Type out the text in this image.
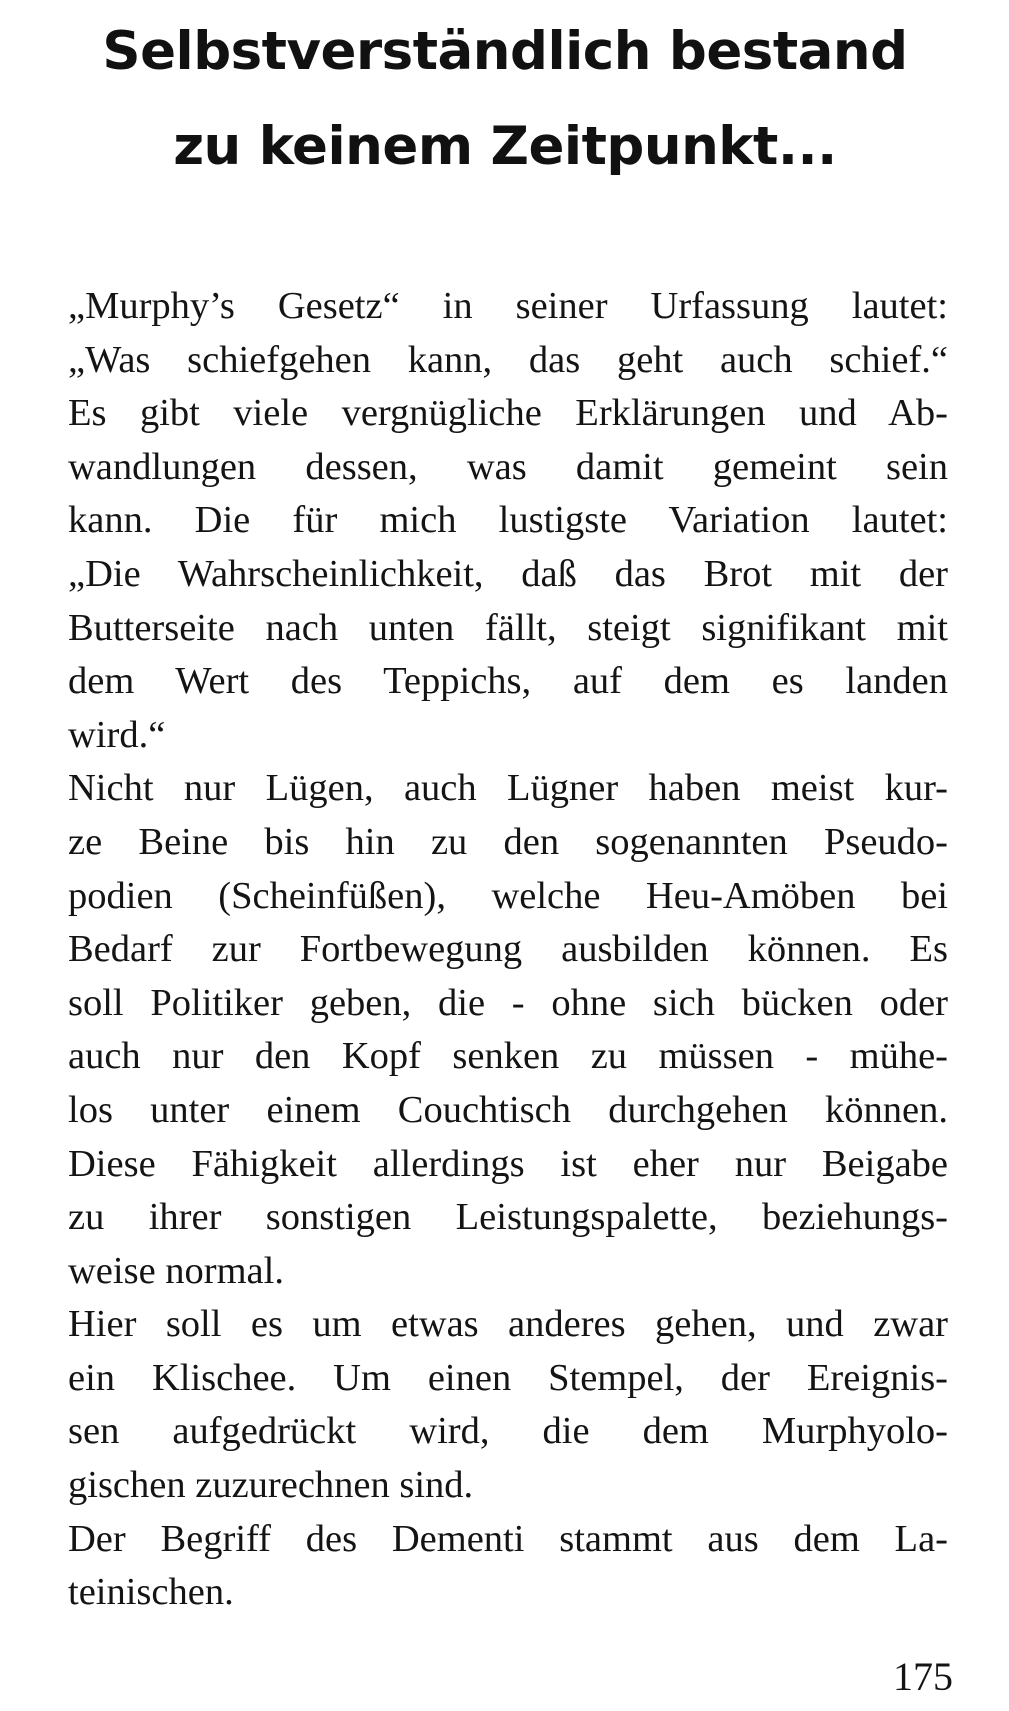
Selbstverständlich bestand
zu keinem Zeitpunkt...
„Murphy’s Gesetz“ in seiner Urfassung lautet:
„Was schiefgehen kann, das geht auch schief.“
Es gibt viele vergnügliche Erklärungen und Ab-
wandlungen dessen, was damit gemeint sein
kann. Die für mich lustigste Variation lautet:
„Die Wahrscheinlichkeit, daß das Brot mit der
Butterseite nach unten fällt, steigt signifikant mit
dem Wert des Teppichs, auf dem es landen
wird.“
Nicht nur Lügen, auch Lügner haben meist kur-
ze Beine bis hin zu den sogenannten Pseudo-
podien (Scheinfüßen), welche Heu-Amöben bei
Bedarf zur Fortbewegung ausbilden können. Es
soll Politiker geben, die - ohne sich bücken oder
auch nur den Kopf senken zu müssen - mühe-
los unter einem Couchtisch durchgehen können.
Diese Fähigkeit allerdings ist eher nur Beigabe
zu ihrer sonstigen Leistungspalette, beziehungs-
weise normal.
Hier soll es um etwas anderes gehen, und zwar
ein Klischee. Um einen Stempel, der Ereignis-
sen aufgedrückt wird, die dem Murphyolo-
gischen zuzurechnen sind.
Der Begriff des Dementi stammt aus dem La-
teinischen.
175
